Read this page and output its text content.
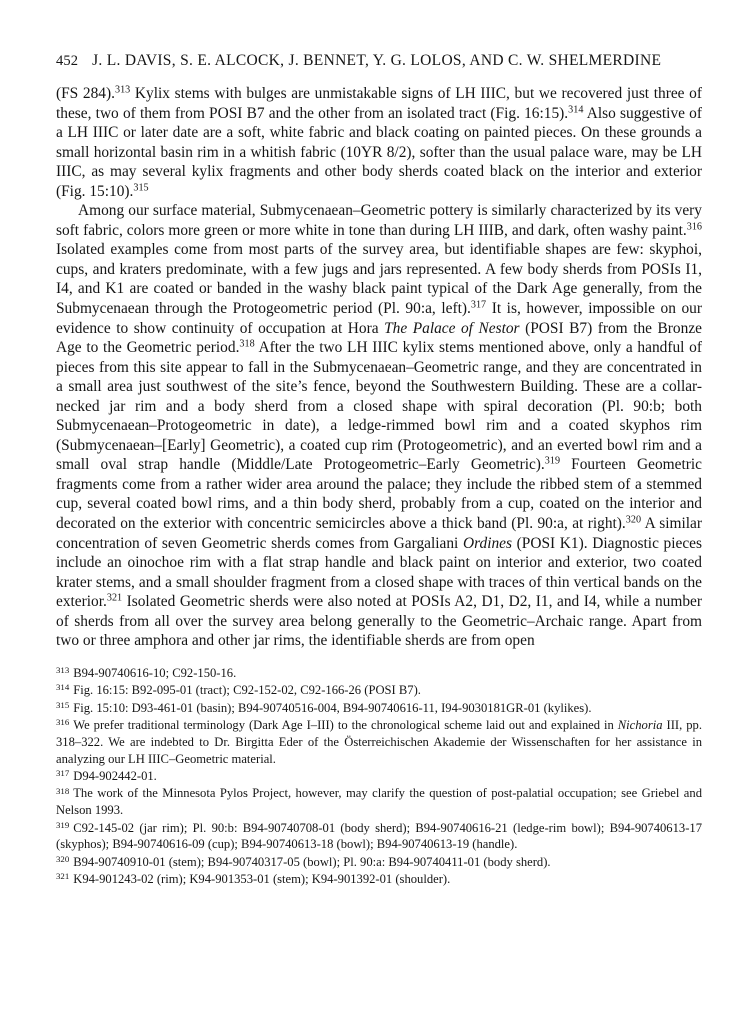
452 J. L. DAVIS, S. E. ALCOCK, J. BENNET, Y. G. LOLOS, AND C. W. SHELMERDINE

(FS 284).$^{313}$ Kylix stems with bulges are unmistakable signs of LH IIIC, but we recovered just three of these, two of them from POSI B7 and the other from an isolated tract (Fig. 16:15).$^{314}$ Also suggestive of a LH IIIC or later date are a soft, white fabric and black coating on painted pieces. On these grounds a small horizontal basin rim in a whitish fabric (10YR 8/2), softer than the usual palace ware, may be LH IIIC, as may several kylix fragments and other body sherds coated black on the interior and exterior (Fig. 15:10).$^{315}$

Among our surface material, Submycenaean–Geometric pottery is similarly characterized by its very soft fabric, colors more green or more white in tone than during LH IIIB, and dark, often washy paint.$^{316}$ Isolated examples come from most parts of the survey area, but identifiable shapes are few: skyphoi, cups, and kraters predominate, with a few jugs and jars represented. A few body sherds from POSIs I1, I4, and K1 are coated or banded in the washy black paint typical of the Dark Age generally, from the Submycenaean through the Protogeometric period (Pl. 90:a, left).$^{317}$ It is, however, impossible on our evidence to show continuity of occupation at Hora The Palace of Nestor (POSI B7) from the Bronze Age to the Geometric period.$^{318}$ After the two LH IIIC kylix stems mentioned above, only a handful of pieces from this site appear to fall in the Submycenaean–Geometric range, and they are concentrated in a small area just southwest of the site’s fence, beyond the Southwestern Building. These are a collar-necked jar rim and a body sherd from a closed shape with spiral decoration (Pl. 90:b; both Submycenaean–Protogeometric in date), a ledge-rimmed bowl rim and a coated skyphos rim (Submycenaean–[Early] Geometric), a coated cup rim (Protogeometric), and an everted bowl rim and a small oval strap handle (Middle/Late Protogeometric–Early Geometric).$^{319}$ Fourteen Geometric fragments come from a rather wider area around the palace; they include the ribbed stem of a stemmed cup, several coated bowl rims, and a thin body sherd, probably from a cup, coated on the interior and decorated on the exterior with concentric semicircles above a thick band (Pl. 90:a, at right).$^{320}$ A similar concentration of seven Geometric sherds comes from Gargaliani Ordines (POSI K1). Diagnostic pieces include an oinochoe rim with a flat strap handle and black paint on interior and exterior, two coated krater stems, and a small shoulder fragment from a closed shape with traces of thin vertical bands on the exterior.$^{321}$ Isolated Geometric sherds were also noted at POSIs A2, D1, D2, I1, and I4, while a number of sherds from all over the survey area belong generally to the Geometric–Archaic range. Apart from two or three amphora and other jar rims, the identifiable sherds are from open

$^{313}$ B94-90740616-10; C92-150-16.

$^{314}$ Fig. 16:15: B92-095-01 (tract); C92-152-02, C92-166-26 (POSI B7).

$^{315}$ Fig. 15:10: D93-461-01 (basin); B94-90740516-004, B94-90740616-11, I94-9030181GR-01 (kylikes).

$^{316}$ We prefer traditional terminology (Dark Age I–III) to the chronological scheme laid out and explained in Nichoria III, pp. 318–322. We are indebted to Dr. Birgitta Eder of the Österreichischen Akademie der Wissenschaften for her assistance in analyzing our LH IIIC–Geometric material.

$^{317}$ D94-902442-01.

$^{318}$ The work of the Minnesota Pylos Project, however, may clarify the question of post-palatial occupation; see Griebel and Nelson 1993.

$^{319}$ C92-145-02 (jar rim); Pl. 90:b: B94-90740708-01 (body sherd); B94-90740616-21 (ledge-rim bowl); B94-90740613-17 (skyphos); B94-90740616-09 (cup); B94-90740613-18 (bowl); B94-90740613-19 (handle).

$^{320}$ B94-90740910-01 (stem); B94-90740317-05 (bowl); Pl. 90:a: B94-90740411-01 (body sherd).

$^{321}$ K94-901243-02 (rim); K94-901353-01 (stem); K94-901392-01 (shoulder).
